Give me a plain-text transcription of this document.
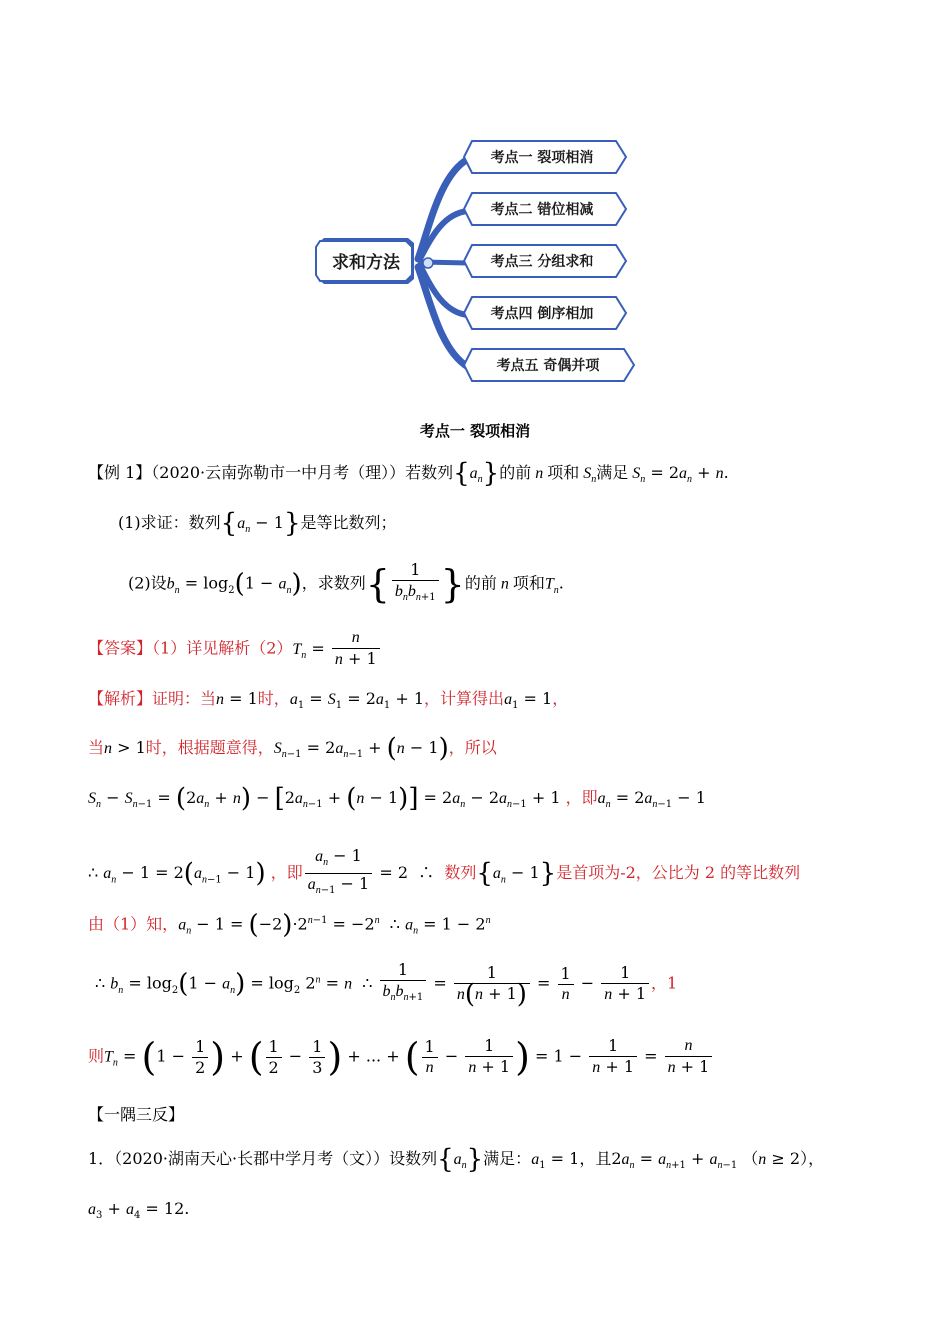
求和方法
考点一 裂项相消
考点二 错位相减
考点三 分组求和
考点四 倒序相加
考点五 奇偶并项
考点一 裂项相消
【例 1】（2020·云南弥勒市一中月考（理））若数列$\{a_n\}$的前 n 项和 $S_n$满足 $S_n = 2a_n + n$.
(1)求证：数列$\{a_n - 1\}$是等比数列；
(2)设$b_n = \log_2(1 - a_n)$，求数列{ $\frac{1}{b_nb_{n+1}}$ }的前 n 项和$T_n$.
【答案】（1）详见解析$(2)T_n = \frac{n}{n + 1}$
【解析】证明：当n = 1时，$a_1 = S_1 = 2a_1 + 1$，计算得出$a_1 = 1$，
当n > 1时，根据题意得，$S_{n-1} = 2a_{n-1} + (n - 1)$，所以
$S_n - S_{n-1} = (2a_n + n) - [2a_{n-1} + (n - 1)] = 2a_n - 2a_{n-1} + 1$ ，即$a_n = 2a_{n-1} - 1$
∴ $a_n - 1 = 2(a_{n-1} - 1)$ ，即 $\frac{a_n - 1}{a_{n-1} - 1} = 2$  ∴  数列$\{a_n - 1\}$是首项为-2，公比为 2 的等比数列
由（1）知，$a_n - 1 = (-2)\cdot 2^{n-1} = -2^n$  ∴ $a_n = 1 - 2^n$
∴ $b_n = \log_2(1 - a_n) = \log_2 2^n = n$  ∴ $\frac{1}{b_nb_{n+1}} = \frac{1}{n(n + 1)} = \frac{1}{n} - \frac{1}{n + 1}$ ，1
则$T_n = (1 - \frac{1}{2}$ ) + ( $\frac{1}{2} - \frac{1}{3}$ ) + ... + ( $\frac{1}{n} - \frac{1}{n + 1}$ ) = $1 - \frac{1}{n + 1} = \frac{n}{n + 1}$
【一隅三反】
1．（2020·湖南天心·长郡中学月考（文））设数列$\{a_n\}$满足：$a_1 = 1$，且$2a_n = a_{n+1} + a_{n-1}$ （n ≥ 2），
$a_3 + a_4 = 12$.
